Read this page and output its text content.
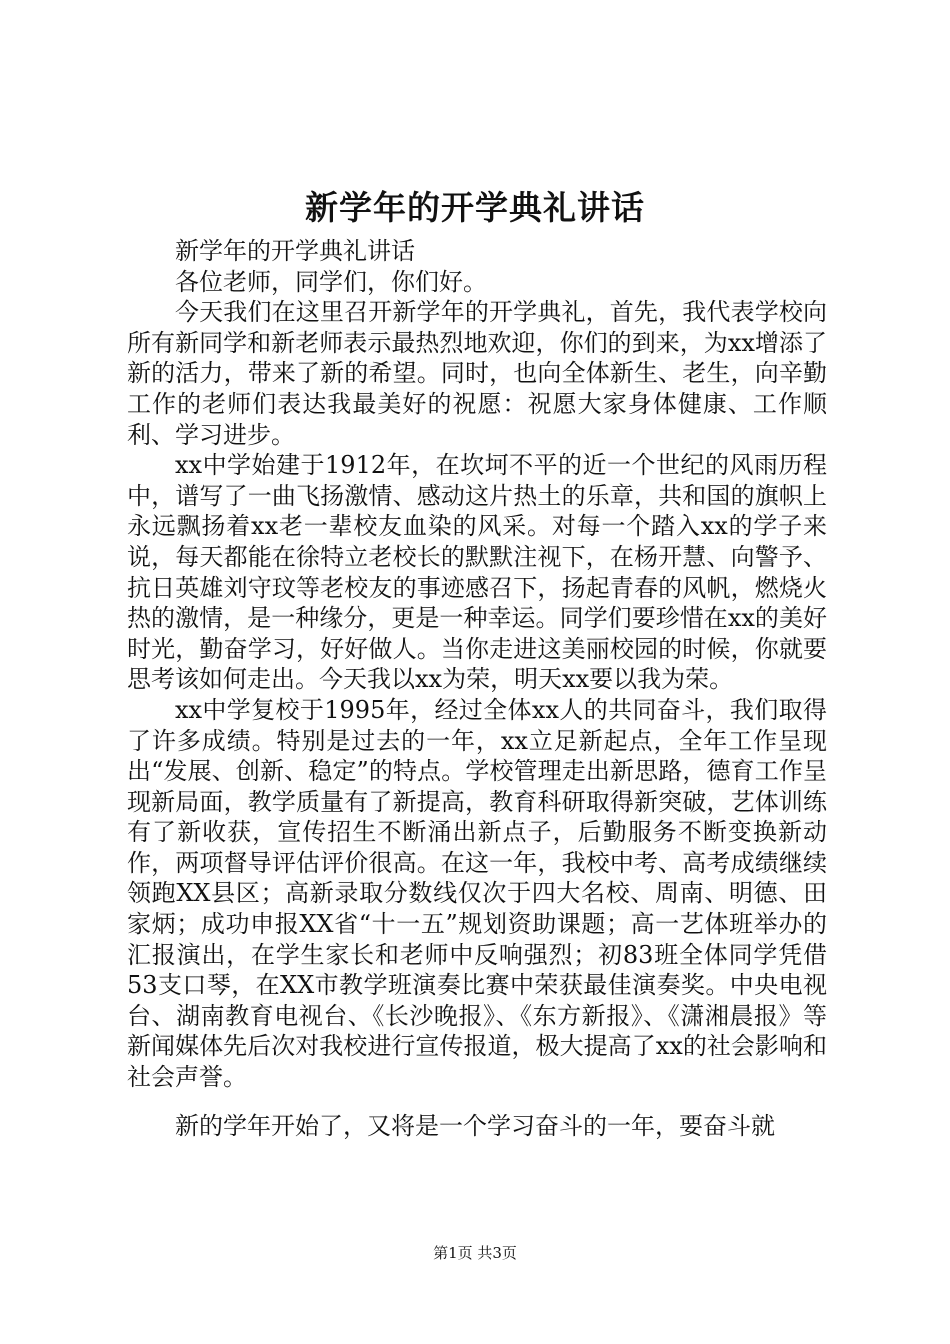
新学年的开学典礼讲话

新学年的开学典礼讲话

各位老师，同学们，你们好。

今天我们在这里召开新学年的开学典礼，首先，我代表学校向所有新同学和新老师表示最热烈地欢迎，你们的到来，为xx增添了新的活力，带来了新的希望。同时，也向全体新生、老生，向辛勤工作的老师们表达我最美好的祝愿：祝愿大家身体健康、工作顺利、学习进步。

xx中学始建于1912年，在坎坷不平的近一个世纪的风雨历程中，谱写了一曲飞扬激情、感动这片热土的乐章，共和国的旗帜上永远飘扬着xx老一辈校友血染的风采。对每一个踏入xx的学子来说，每天都能在徐特立老校长的默默注视下，在杨开慧、向警予、抗日英雄刘守玟等老校友的事迹感召下，扬起青春的风帆，燃烧火热的激情，是一种缘分，更是一种幸运。同学们要珍惜在xx的美好时光，勤奋学习，好好做人。当你走进这美丽校园的时候，你就要思考该如何走出。今天我以xx为荣，明天xx要以我为荣。

xx中学复校于1995年，经过全体xx人的共同奋斗，我们取得了许多成绩。特别是过去的一年，xx立足新起点，全年工作呈现出“发展、创新、稳定”的特点。学校管理走出新思路，德育工作呈现新局面，教学质量有了新提高，教育科研取得新突破，艺体训练有了新收获，宣传招生不断涌出新点子，后勤服务不断变换新动作，两项督导评估评价很高。在这一年，我校中考、高考成绩继续领跑XX县区；高新录取分数线仅次于四大名校、周南、明德、田家炳；成功申报XX省“十一五”规划资助课题；高一艺体班举办的汇报演出，在学生家长和老师中反响强烈；初83班全体同学凭借53支口琴，在XX市教学班演奏比赛中荣获最佳演奏奖。中央电视台、湖南教育电视台、《长沙晚报》、《东方新报》、《潇湘晨报》等新闻媒体先后次对我校进行宣传报道，极大提高了xx的社会影响和社会声誉。

新的学年开始了，又将是一个学习奋斗的一年，要奋斗就

第1页 共3页
